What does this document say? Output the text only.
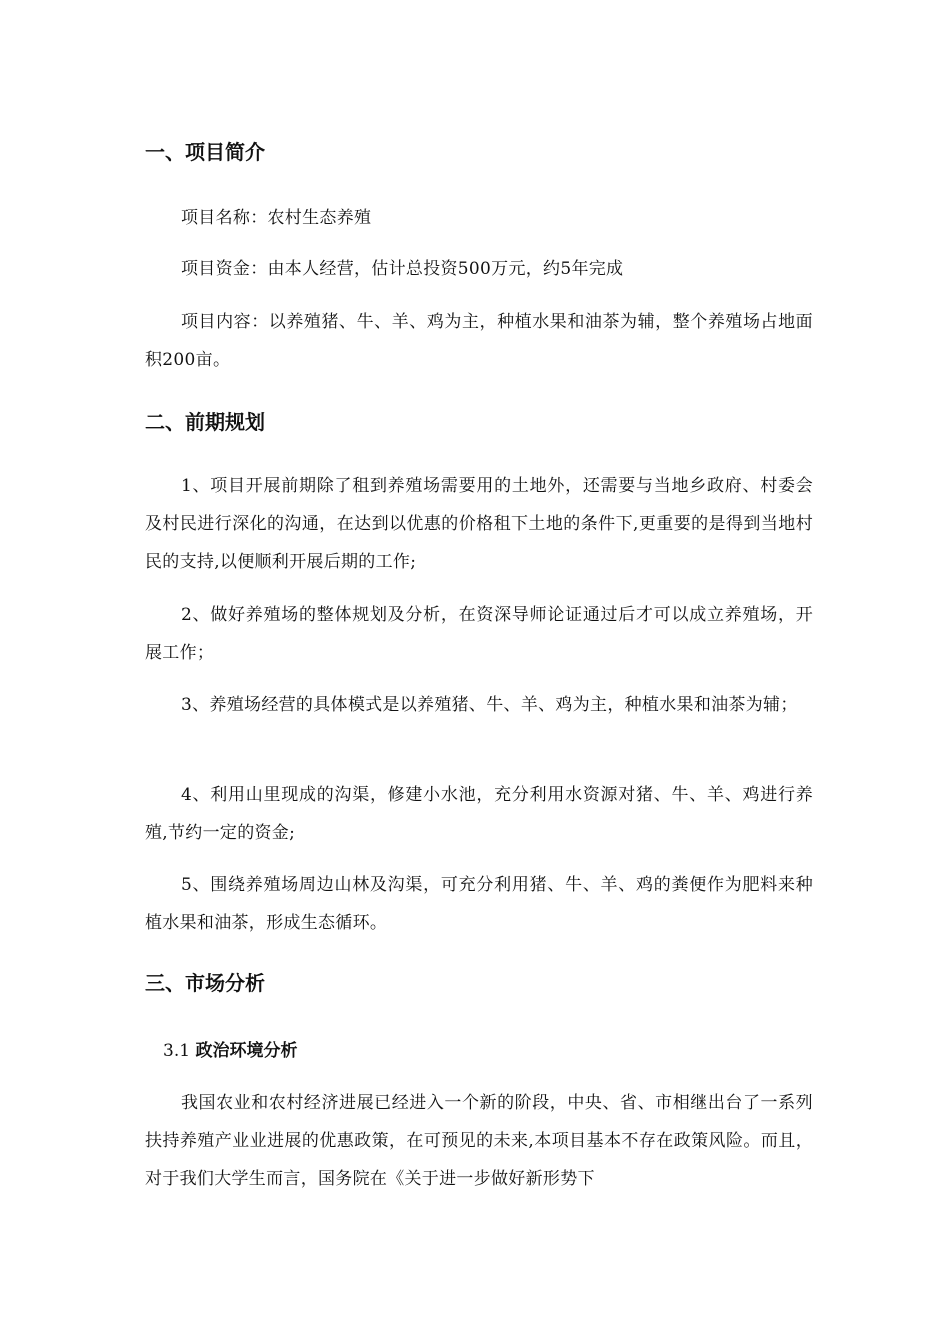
一、项目简介

项目名称：农村生态养殖

项目资金：由本人经营，估计总投资500万元，约5年完成

项目内容：以养殖猪、牛、羊、鸡为主，种植水果和油茶为辅，整个养殖场占地面积200亩。

二、前期规划

1、项目开展前期除了租到养殖场需要用的土地外，还需要与当地乡政府、村委会及村民进行深化的沟通，在达到以优惠的价格租下土地的条件下,更重要的是得到当地村民的支持,以便顺利开展后期的工作;

2、做好养殖场的整体规划及分析，在资深导师论证通过后才可以成立养殖场，开展工作；

3、养殖场经营的具体模式是以养殖猪、牛、羊、鸡为主，种植水果和油茶为辅；

4、利用山里现成的沟渠，修建小水池，充分利用水资源对猪、牛、羊、鸡进行养殖,节约一定的资金;

5、围绕养殖场周边山林及沟渠，可充分利用猪、牛、羊、鸡的粪便作为肥料来种植水果和油茶，形成生态循环。

三、市场分析

3.1 政治环境分析

我国农业和农村经济进展已经进入一个新的阶段，中央、省、市相继出台了一系列扶持养殖产业业进展的优惠政策，在可预见的未来,本项目基本不存在政策风险。而且，对于我们大学生而言，国务院在《关于进一步做好新形势下
